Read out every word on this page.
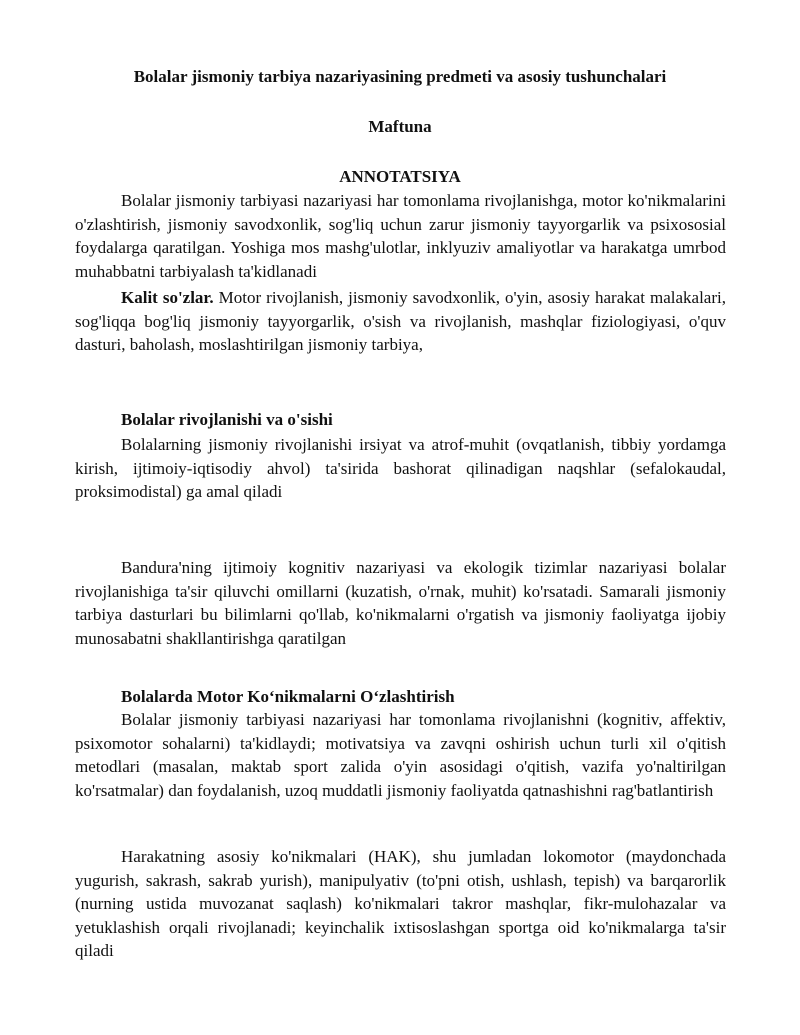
Bolalar jismoniy tarbiya nazariyasining predmeti va asosiy tushunchalari

Maftuna

ANNOTATSIYA

Bolalar jismoniy tarbiyasi nazariyasi har tomonlama rivojlanishga, motor ko'nikmalarini o'zlashtirish, jismoniy savodxonlik, sog'liq uchun zarur jismoniy tayyorgarlik va psixososial foydalarga qaratilgan. Yoshiga mos mashg'ulotlar, inklyuziv amaliyotlar va harakatga umrbod muhabbatni tarbiyalash ta'kidlanadi

Kalit so'zlar. Motor rivojlanish, jismoniy savodxonlik, o'yin, asosiy harakat malakalari, sog'liqqa bog'liq jismoniy tayyorgarlik, o'sish va rivojlanish, mashqlar fiziologiyasi, o'quv dasturi, baholash, moslashtirilgan jismoniy tarbiya,

Bolalar rivojlanishi va o'sishi

Bolalarning jismoniy rivojlanishi irsiyat va atrof-muhit (ovqatlanish, tibbiy yordamga kirish, ijtimoiy-iqtisodiy ahvol) ta'sirida bashorat qilinadigan naqshlar (sefalokaudal, proksimodistal) ga amal qiladi

Bandura'ning ijtimoiy kognitiv nazariyasi va ekologik tizimlar nazariyasi bolalar rivojlanishiga ta'sir qiluvchi omillarni (kuzatish, o'rnak, muhit) ko'rsatadi. Samarali jismoniy tarbiya dasturlari bu bilimlarni qo'llab, ko'nikmalarni o'rgatish va jismoniy faoliyatga ijobiy munosabatni shakllantirishga qaratilgan

Bolalarda Motor Ko‘nikmalarni O‘zlashtirish

Bolalar jismoniy tarbiyasi nazariyasi har tomonlama rivojlanishni (kognitiv, affektiv, psixomotor sohalarni) ta'kidlaydi; motivatsiya va zavqni oshirish uchun turli xil o'qitish metodlari (masalan, maktab sport zalida o'yin asosidagi o'qitish, vazifa yo'naltirilgan ko'rsatmalar) dan foydalanish, uzoq muddatli jismoniy faoliyatda qatnashishni rag'batlantirish

Harakatning asosiy ko'nikmalari (HAK), shu jumladan lokomotor (maydonchada yugurish, sakrash, sakrab yurish), manipulyativ (to'pni otish, ushlash, tepish) va barqarorlik (nurning ustida muvozanat saqlash) ko'nikmalari takror mashqlar, fikr-mulohazalar va yetuklashish orqali rivojlanadi; keyinchalik ixtisoslashgan sportga oid ko'nikmalarga ta'sir qiladi
